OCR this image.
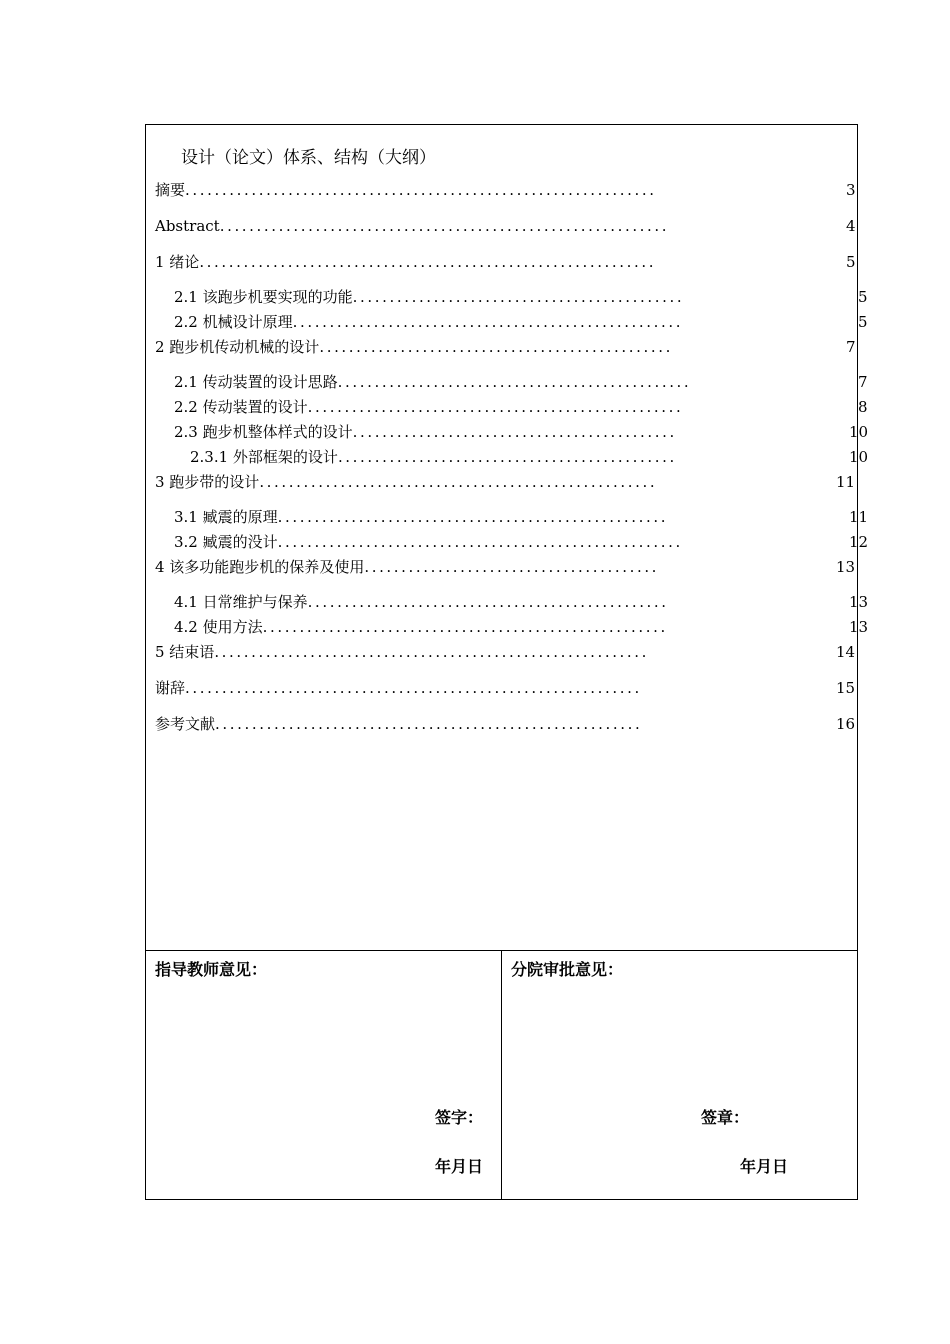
设计（论文）体系、结构（大纲）
摘要................................................................	3
Abstract.............................................................	4
1 绪论..............................................................	5
2.1 该跑步机要实现的功能.............................................	5
2.2 机械设计原理.....................................................	5
2 跑步机传动机械的设计................................................	7
2.1 传动装置的设计思路................................................	7
2.2 传动装置的设计...................................................	8
2.3 跑步机整体样式的设计............................................	10
2.3.1 外部框架的设计..............................................	10
3 跑步带的设计......................................................	11
3.1 臧震的原理.....................................................	11
3.2 臧震的没计.......................................................	12
4 该多功能跑步机的保养及使用........................................	13
4.1 日常维护与保养.................................................	13
4.2 使用方法.......................................................	13
5 结束语...........................................................	14
谢辞..............................................................	15
参考文献..........................................................	16
指导教师意见：
签字：
年月日
分院审批意见：
签章：
年月日
